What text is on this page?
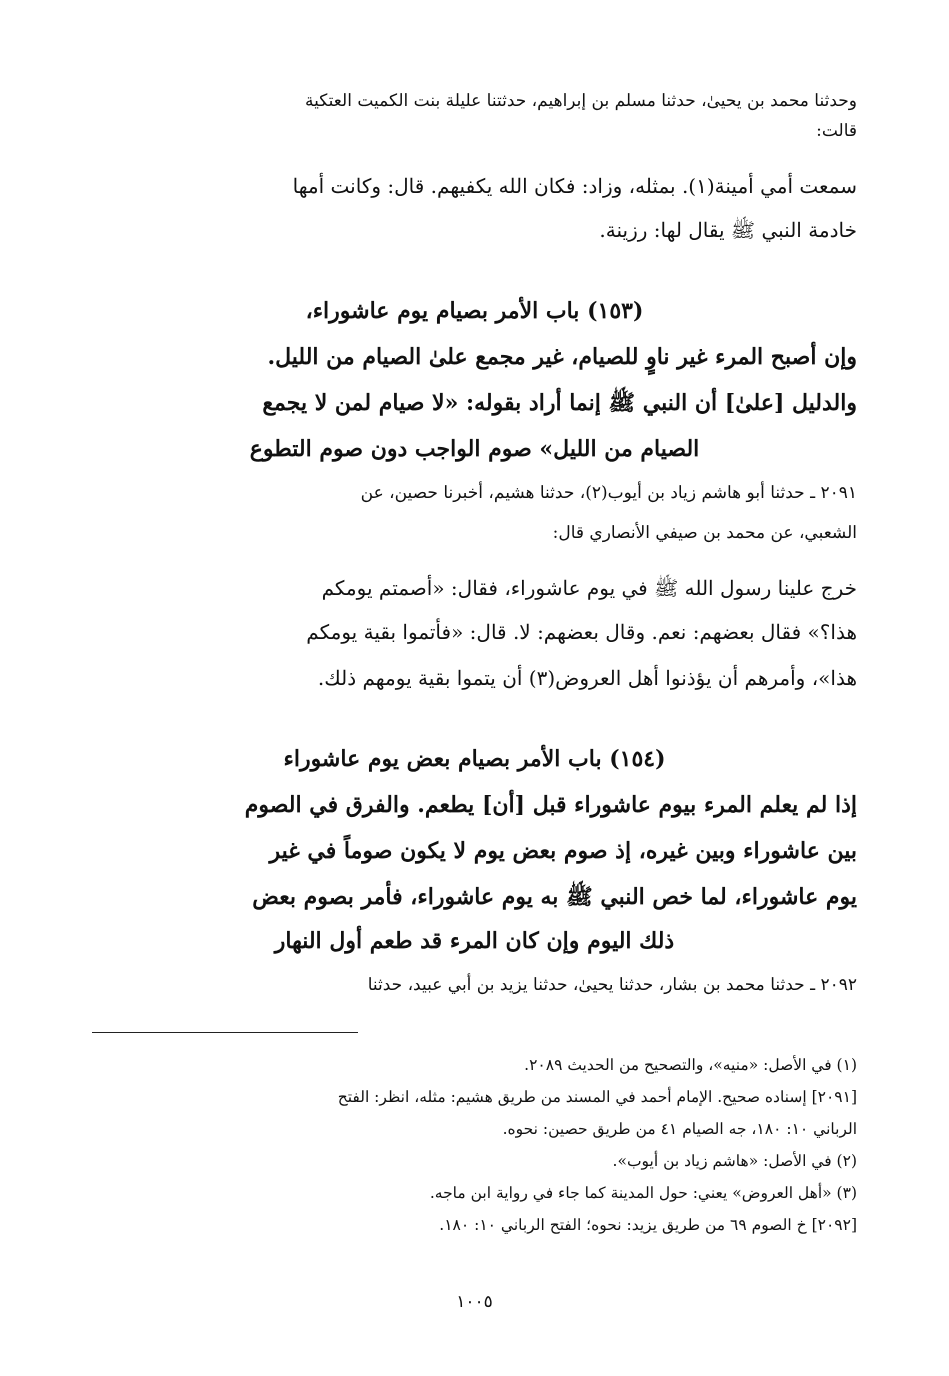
وحدثنا محمد بن يحيىٰ، حدثنا مسلم بن إبراهيم، حدثتنا عليلة بنت الكميت العتكية

قالت:

سمعت أمي أمينة(١). بمثله، وزاد: فكان الله يكفيهم. قال: وكانت أمها

خادمة النبي ﷺ يقال لها: رزينة.

(١٥٣) باب الأمر بصيام يوم عاشوراء،

وإن أصبح المرء غير ناوٍ للصيام، غير مجمع علىٰ الصيام من الليل.

والدليل [علىٰ] أن النبي ﷺ إنما أراد بقوله: «لا صيام لمن لا يجمع

الصيام من الليل» صوم الواجب دون صوم التطوع

٢٠٩١ ـ حدثنا أبو هاشم زياد بن أيوب(٢)، حدثنا هشيم، أخبرنا حصين، عن

الشعبي، عن محمد بن صيفي الأنصاري قال:

خرج علينا رسول الله ﷺ في يوم عاشوراء، فقال: «أصمتم يومكم

هذا؟» فقال بعضهم: نعم. وقال بعضهم: لا. قال: «فأتموا بقية يومكم

هذا»، وأمرهم أن يؤذنوا أهل العروض(٣) أن يتموا بقية يومهم ذلك.

(١٥٤) باب الأمر بصيام بعض يوم عاشوراء

إذا لم يعلم المرء بيوم عاشوراء قبل [أن] يطعم. والفرق في الصوم

بين عاشوراء وبين غيره، إذ صوم بعض يوم لا يكون صوماً في غير

يوم عاشوراء، لما خص النبي ﷺ به يوم عاشوراء، فأمر بصوم بعض

ذلك اليوم وإن كان المرء قد طعم أول النهار

٢٠٩٢ ـ حدثنا محمد بن بشار، حدثنا يحيىٰ، حدثنا يزيد بن أبي عبيد، حدثنا

(١) في الأصل: «منيه»، والتصحيح من الحديث ٢٠٨٩.

[٢٠٩١] إسناده صحيح. الإمام أحمد في المسند من طريق هشيم: مثله، انظر: الفتح

الرباني ١٠: ١٨٠، جه الصيام ٤١ من طريق حصين: نحوه.

(٢) في الأصل: «هاشم زياد بن أيوب».

(٣) «أهل العروض» يعني: حول المدينة كما جاء في رواية ابن ماجه.

[٢٠٩٢] خ الصوم ٦٩ من طريق يزيد: نحوه؛ الفتح الرباني ١٠: ١٨٠.

١٠٠٥
